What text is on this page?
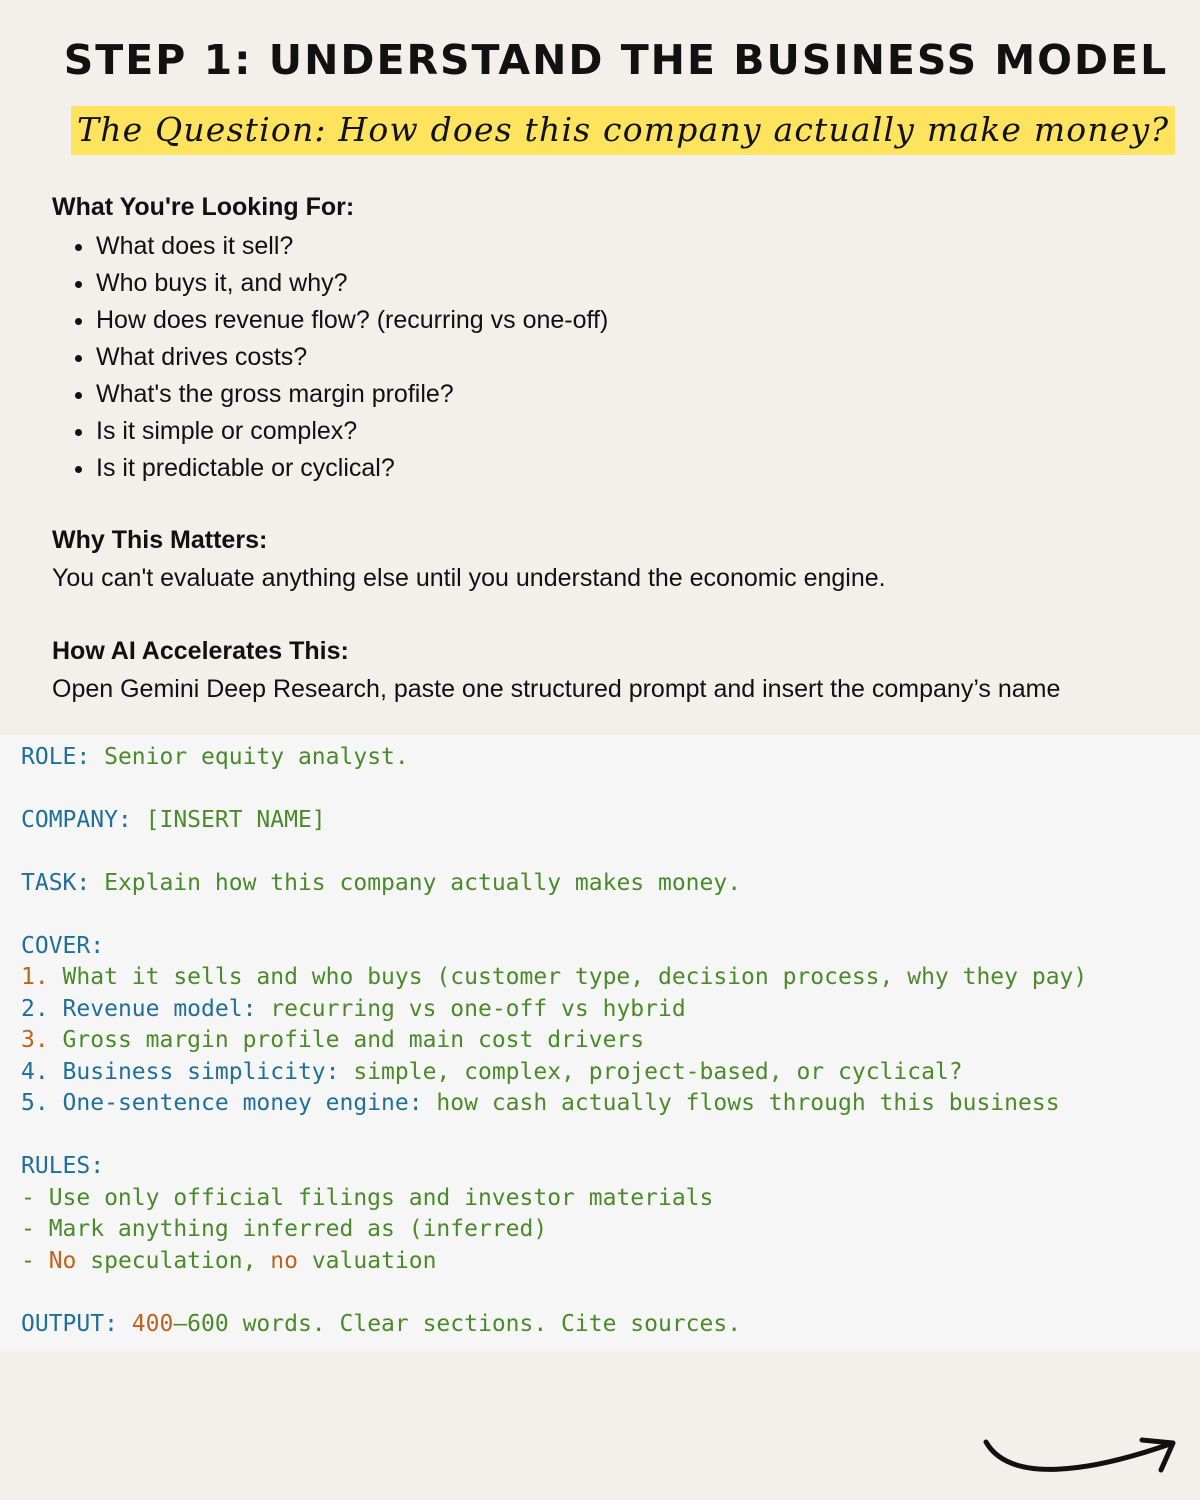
STEP 1: UNDERSTAND THE BUSINESS MODEL
The Question: How does this company actually make money?

What You're Looking For:

• What does it sell?
• Who buys it, and why?
• How does revenue flow? (recurring vs one-off)
• What drives costs?
• What's the gross margin profile?
• Is it simple or complex?
• Is it predictable or cyclical?

Why This Matters:

You can't evaluate anything else until you understand the economic engine.

How AI Accelerates This:

Open Gemini Deep Research, paste one structured prompt and insert the company’s name

ROLE: Senior equity analyst.
COMPANY: [INSERT NAME]
TASK: Explain how this company actually makes money.
COVER:
1. What it sells and who buys (customer type, decision process, why they pay)
2. Revenue model: recurring vs one-off vs hybrid
3. Gross margin profile and main cost drivers
4. Business simplicity: simple, complex, project-based, or cyclical?
5. One-sentence money engine: how cash actually flows through this business
RULES:
- Use only official filings and investor materials
- Mark anything inferred as (inferred)
- No speculation, no valuation
OUTPUT: 400–600 words. Clear sections. Cite sources.
